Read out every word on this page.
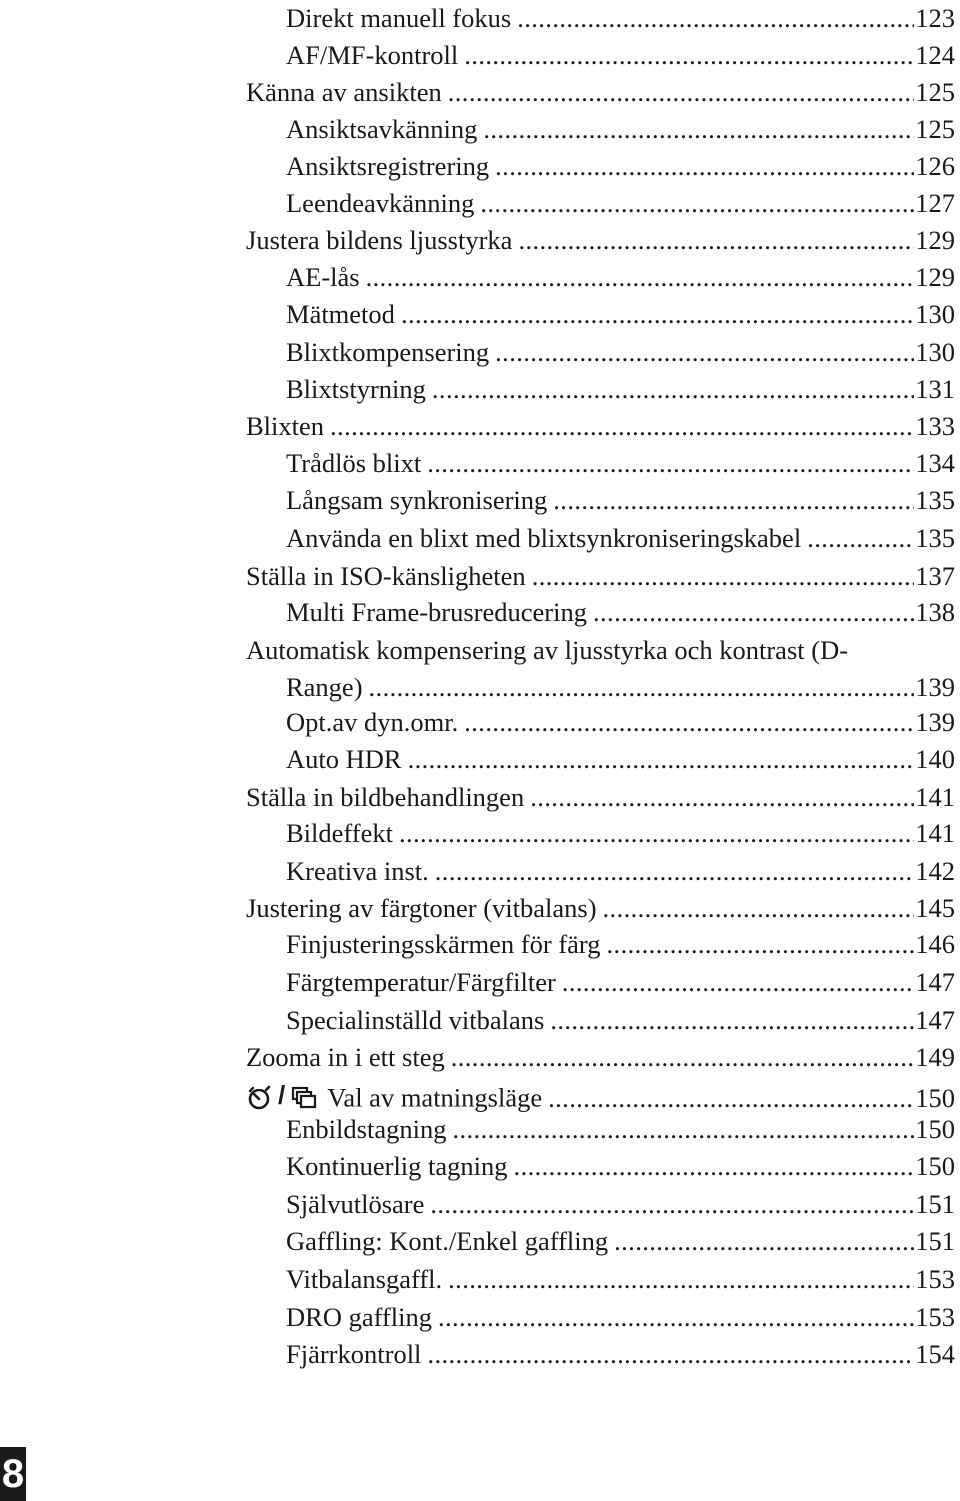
Direkt manuell fokus .....	123
AF/MF-kontroll .....	124
Känna av ansikten .....	125
Ansiktsavkänning .....	125
Ansiktsregistrering .....	126
Leendeavkänning .....	127
Justera bildens ljusstyrka .....	129
AE-lås .....	129
Mätmetod .....	130
Blixtkompensering .....	130
Blixtstyrning .....	131
Blixten .....	133
Trådlös blixt .....	134
Långsam synkronisering .....	135
Använda en blixt med blixtsynkroniseringskabel .....	135
Ställa in ISO-känsligheten .....	137
Multi Frame-brusreducering .....	138
Automatisk kompensering av ljusstyrka och kontrast (D-
Range) .....	139
Opt.av dyn.omr. .....	139
Auto HDR .....	140
Ställa in bildbehandlingen .....	141
Bildeffekt .....	141
Kreativa inst. .....	142
Justering av färgtoner (vitbalans) .....	145
Finjusteringsskärmen för färg .....	146
Färgtemperatur/Färgfilter .....	147
Specialinställd vitbalans .....	147
Zooma in i ett steg .....	149
/ Val av matningsläge .....	150
Enbildstagning .....	150
Kontinuerlig tagning .....	150
Självutlösare .....	151
Gaffling: Kont./Enkel gaffling .....	151
Vitbalansgaffl. .....	153
DRO gaffling .....	153
Fjärrkontroll .....	154
8
